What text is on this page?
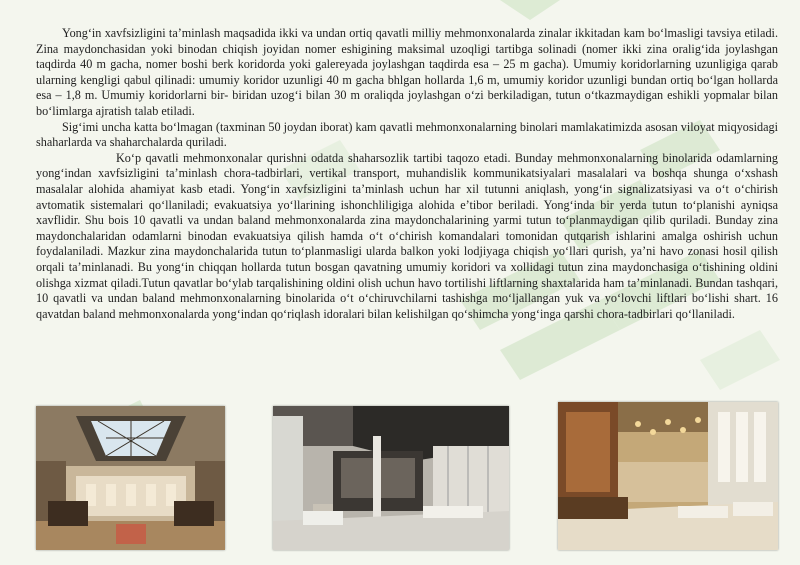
Yong‘in xavfsizligini ta’minlash maqsadida ikki va undan ortiq qavatli milliy mehmonxonalarda zinalar ikkitadan kam bo‘lmasligi tavsiya etiladi. Zina maydonchasidan yoki binodan chiqish joyidan nomer eshigining maksimal uzoqligi tartibga solinadi (nomer ikki zina oralig‘ida joylashgan taqdirda 40 m gacha, nomer boshi berk koridorda yoki galereyada joylashgan taqdirda esa – 25 m gacha). Umumiy koridorlarning uzunligiga qarab ularning kengligi qabul qilinadi: umumiy koridor uzunligi 40 m gacha bhlgan hollarda 1,6 m, umumiy koridor uzunligi bundan ortiq bo‘lgan hollarda esa – 1,8 m. Umumiy koridorlarni bir- biridan uzog‘i bilan 30 m oraliqda joylashgan o‘zi berkiladigan, tutun o‘tkazmaydigan eshikli yopmalar bilan bo‘limlarga ajratish talab etiladi.

Sig‘imi uncha katta bo‘lmagan (taxminan 50 joydan iborat) kam qavatli mehmonxonalarning binolari mamlakatimizda asosan viloyat miqyosidagi shaharlarda va shaharchalarda quriladi.

Ko‘p qavatli mehmonxonalar qurishni odatda shaharsozlik tartibi taqozo etadi. Bunday mehmonxonalarning binolarida odamlarning yong‘indan xavfsizligini ta’minlash chora-tadbirlari, vertikal transport, muhandislik kommunikatsiyalari masalalari va boshqa shunga o‘xshash masalalar alohida ahamiyat kasb etadi. Yong‘in xavfsizligini ta’minlash uchun har xil tutunni aniqlash, yong‘in signalizatsiyasi va o‘t o‘chirish avtomatik sistemalari qo‘llaniladi; evakuatsiya yo‘llarining ishonchliligiga alohida e’tibor beriladi. Yong‘inda bir yerda tutun to‘planishi ayniqsa xavflidir. Shu bois 10 qavatli va undan baland mehmonxonalarda zina maydonchalarining yarmi tutun to‘planmaydigan qilib quriladi. Bunday zina maydonchalaridan odamlarni binodan evakuatsiya qilish hamda o‘t o‘chirish komandalari tomonidan qutqarish ishlarini amalga oshirish uchun foydalaniladi. Mazkur zina maydonchalarida tutun to‘planmasligi ularda balkon yoki lodjiyaga chiqish yo‘llari qurish, ya’ni havo zonasi hosil qilish orqali ta’minlanadi. Bu yong‘in chiqqan hollarda tutun bosgan qavatning umumiy koridori va xollidagi tutun zina maydonchasiga o‘tishining oldini olishga xizmat qiladi.Tutun qavatlar bo‘ylab tarqalishining oldini olish uchun havo tortilishi liftlarning shaxtalarida ham ta’minlanadi. Bundan tashqari, 10 qavatli va undan baland mehmonxonalarning binolarida o‘t o‘chiruvchilarni tashishga mo‘ljallangan yuk va yo‘lovchi liftlari bo‘lishi shart. 16 qavatdan baland mehmonxonalarda yong‘indan qo‘riqlash idoralari bilan kelishilgan qo‘shimcha yong‘inga qarshi chora-tadbirlari qo‘llaniladi.
